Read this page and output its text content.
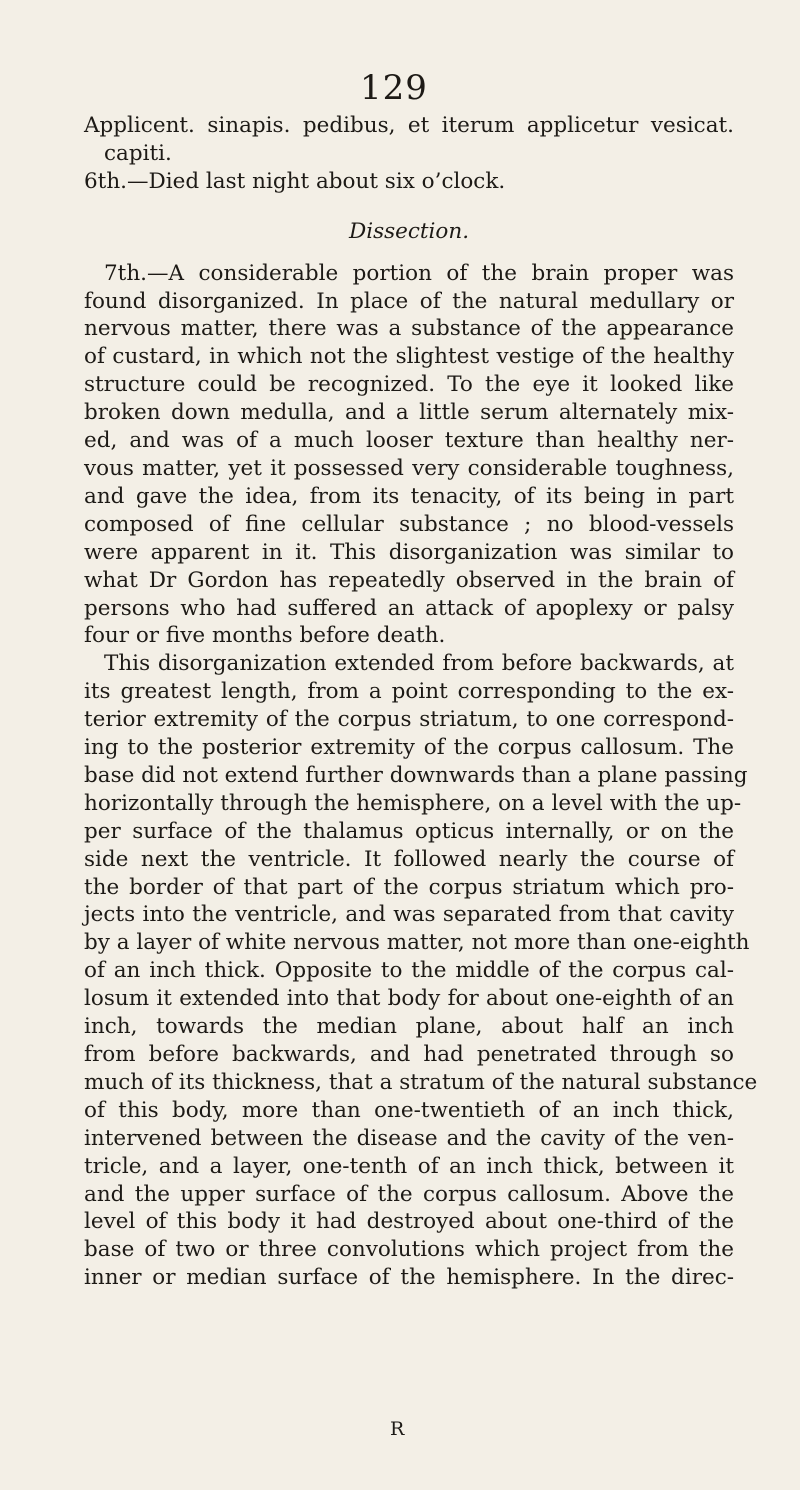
129
Applicent. sinapis. pedibus, et iterum applicetur vesicat.
capiti.
6th.—Died last night about six o’clock.
Dissection.
7th.—A considerable portion of the brain proper was
found disorganized. In place of the natural medullary or
nervous matter, there was a substance of the appearance
of custard, in which not the slightest vestige of the healthy
structure could be recognized. To the eye it looked like
broken down medulla, and a little serum alternately mix-
ed, and was of a much looser texture than healthy ner-
vous matter, yet it possessed very considerable toughness,
and gave the idea, from its tenacity, of its being in part
composed of fine cellular substance ; no blood-vessels
were apparent in it. This disorganization was similar to
what Dr Gordon has repeatedly observed in the brain of
persons who had suffered an attack of apoplexy or palsy
four or five months before death.
This disorganization extended from before backwards, at
its greatest length, from a point corresponding to the ex-
terior extremity of the corpus striatum, to one correspond-
ing to the posterior extremity of the corpus callosum. The
base did not extend further downwards than a plane passing
horizontally through the hemisphere, on a level with the up-
per surface of the thalamus opticus internally, or on the
side next the ventricle. It followed nearly the course of
the border of that part of the corpus striatum which pro-
jects into the ventricle, and was separated from that cavity
by a layer of white nervous matter, not more than one-eighth
of an inch thick. Opposite to the middle of the corpus cal-
losum it extended into that body for about one-eighth of an
inch, towards the median plane, about half an inch
from before backwards, and had penetrated through so
much of its thickness, that a stratum of the natural substance
of this body, more than one-twentieth of an inch thick,
intervened between the disease and the cavity of the ven-
tricle, and a layer, one-tenth of an inch thick, between it
and the upper surface of the corpus callosum. Above the
level of this body it had destroyed about one-third of the
base of two or three convolutions which project from the
inner or median surface of the hemisphere. In the direc-
R
